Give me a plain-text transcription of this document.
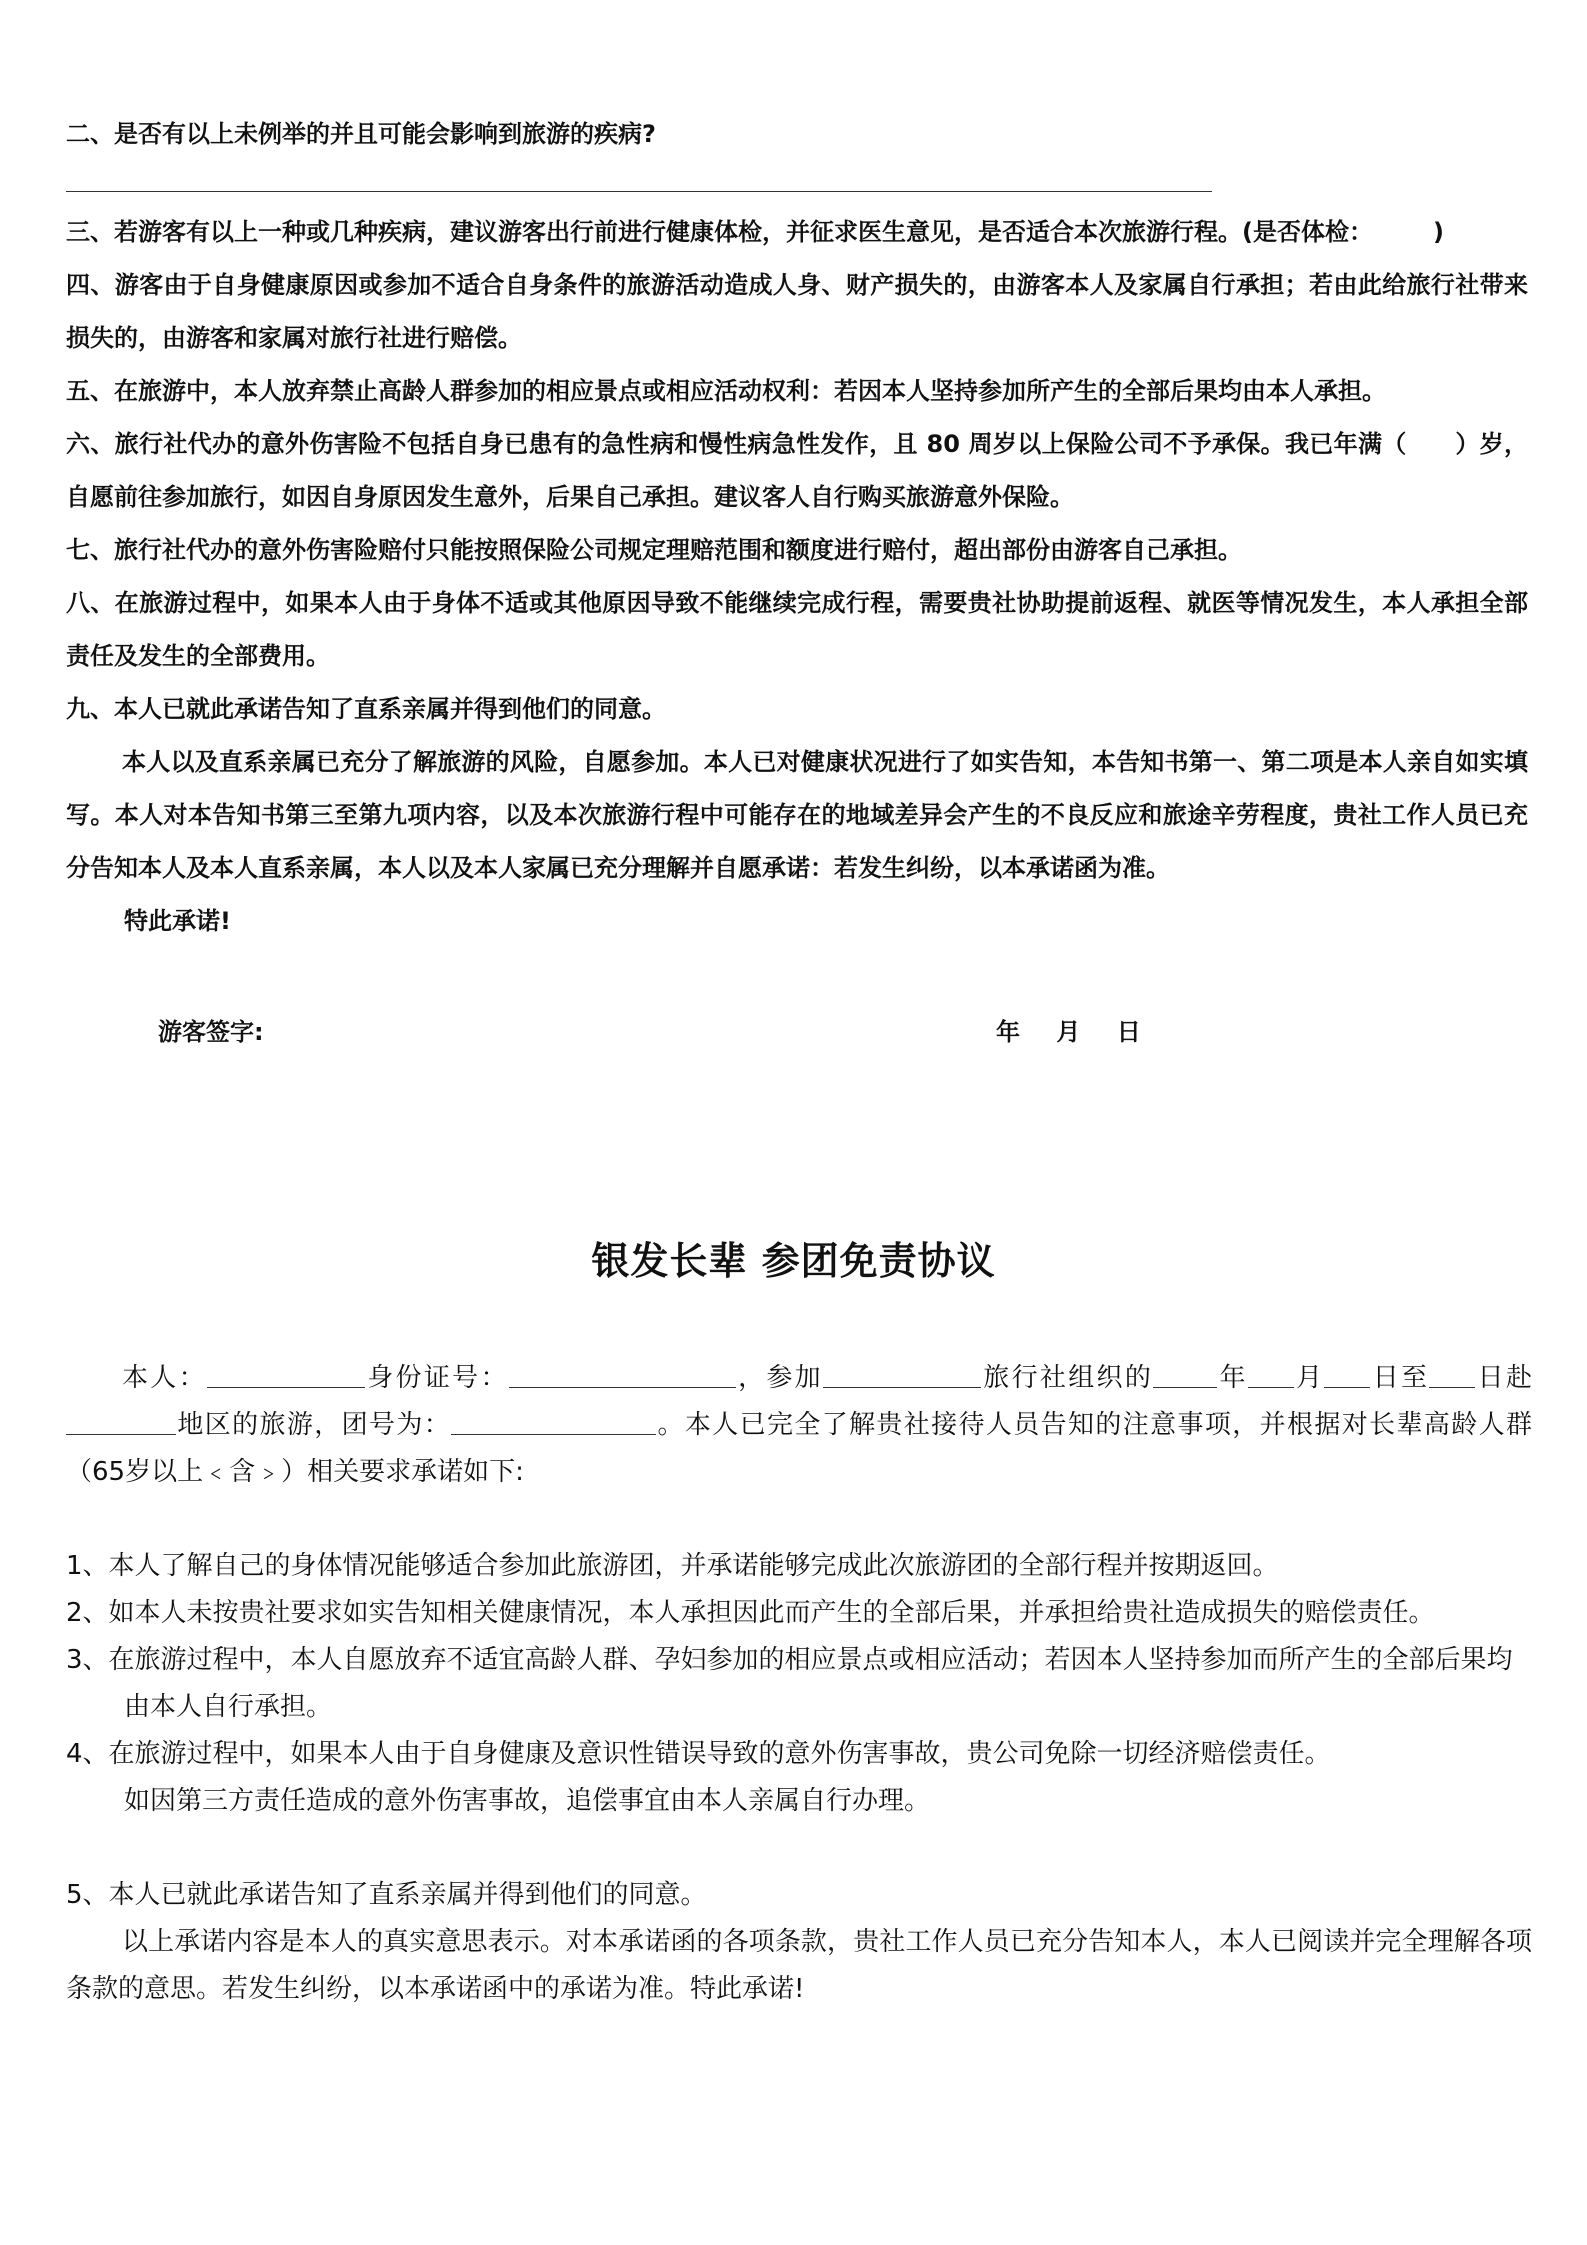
二、是否有以上未例举的并且可能会影响到旅游的疾病?

三、若游客有以上一种或几种疾病，建议游客出行前进行健康体检，并征求医生意见，是否适合本次旅游行程。(是否体检：　　　)

四、游客由于自身健康原因或参加不适合自身条件的旅游活动造成人身、财产损失的，由游客本人及家属自行承担；若由此给旅行社带来损失的，由游客和家属对旅行社进行赔偿。

五、在旅游中，本人放弃禁止高龄人群参加的相应景点或相应活动权利：若因本人坚持参加所产生的全部后果均由本人承担。

六、旅行社代办的意外伤害险不包括自身已患有的急性病和慢性病急性发作，且 80 周岁以上保险公司不予承保。我已年满（　　）岁，自愿前往参加旅行，如因自身原因发生意外，后果自己承担。建议客人自行购买旅游意外保险。

七、旅行社代办的意外伤害险赔付只能按照保险公司规定理赔范围和额度进行赔付，超出部份由游客自己承担。

八、在旅游过程中，如果本人由于身体不适或其他原因导致不能继续完成行程，需要贵社协助提前返程、就医等情况发生，本人承担全部责任及发生的全部费用。

九、本人已就此承诺告知了直系亲属并得到他们的同意。

本人以及直系亲属已充分了解旅游的风险，自愿参加。本人已对健康状况进行了如实告知，本告知书第一、第二项是本人亲自如实填写。本人对本告知书第三至第九项内容，以及本次旅游行程中可能存在的地域差异会产生的不良反应和旅途辛劳程度，贵社工作人员已充分告知本人及本人直系亲属，本人以及本人家属已充分理解并自愿承诺：若发生纠纷，以本承诺函为准。

特此承诺!

游客签字:	年 月 日
银发长辈 参团免责协议

本人：	身份证号：	，参加	旅行社组织的 年 月 日至 日赴地区的旅游，团号为：	。本人已完全了解贵社接待人员告知的注意事项，并根据对长辈高龄人群（65岁以上﹤含﹥）相关要求承诺如下:

1、本人了解自己的身体情况能够适合参加此旅游团，并承诺能够完成此次旅游团的全部行程并按期返回。

2、如本人未按贵社要求如实告知相关健康情况，本人承担因此而产生的全部后果，并承担给贵社造成损失的赔偿责任。

3、在旅游过程中，本人自愿放弃不适宜高龄人群、孕妇参加的相应景点或相应活动；若因本人坚持参加而所产生的全部后果均由本人自行承担。

4、在旅游过程中，如果本人由于自身健康及意识性错误导致的意外伤害事故，贵公司免除一切经济赔偿责任。

如因第三方责任造成的意外伤害事故，追偿事宜由本人亲属自行办理。

5、本人已就此承诺告知了直系亲属并得到他们的同意。

以上承诺内容是本人的真实意思表示。对本承诺函的各项条款，贵社工作人员已充分告知本人，本人已阅读并完全理解各项条款的意思。若发生纠纷，以本承诺函中的承诺为准。特此承诺!
